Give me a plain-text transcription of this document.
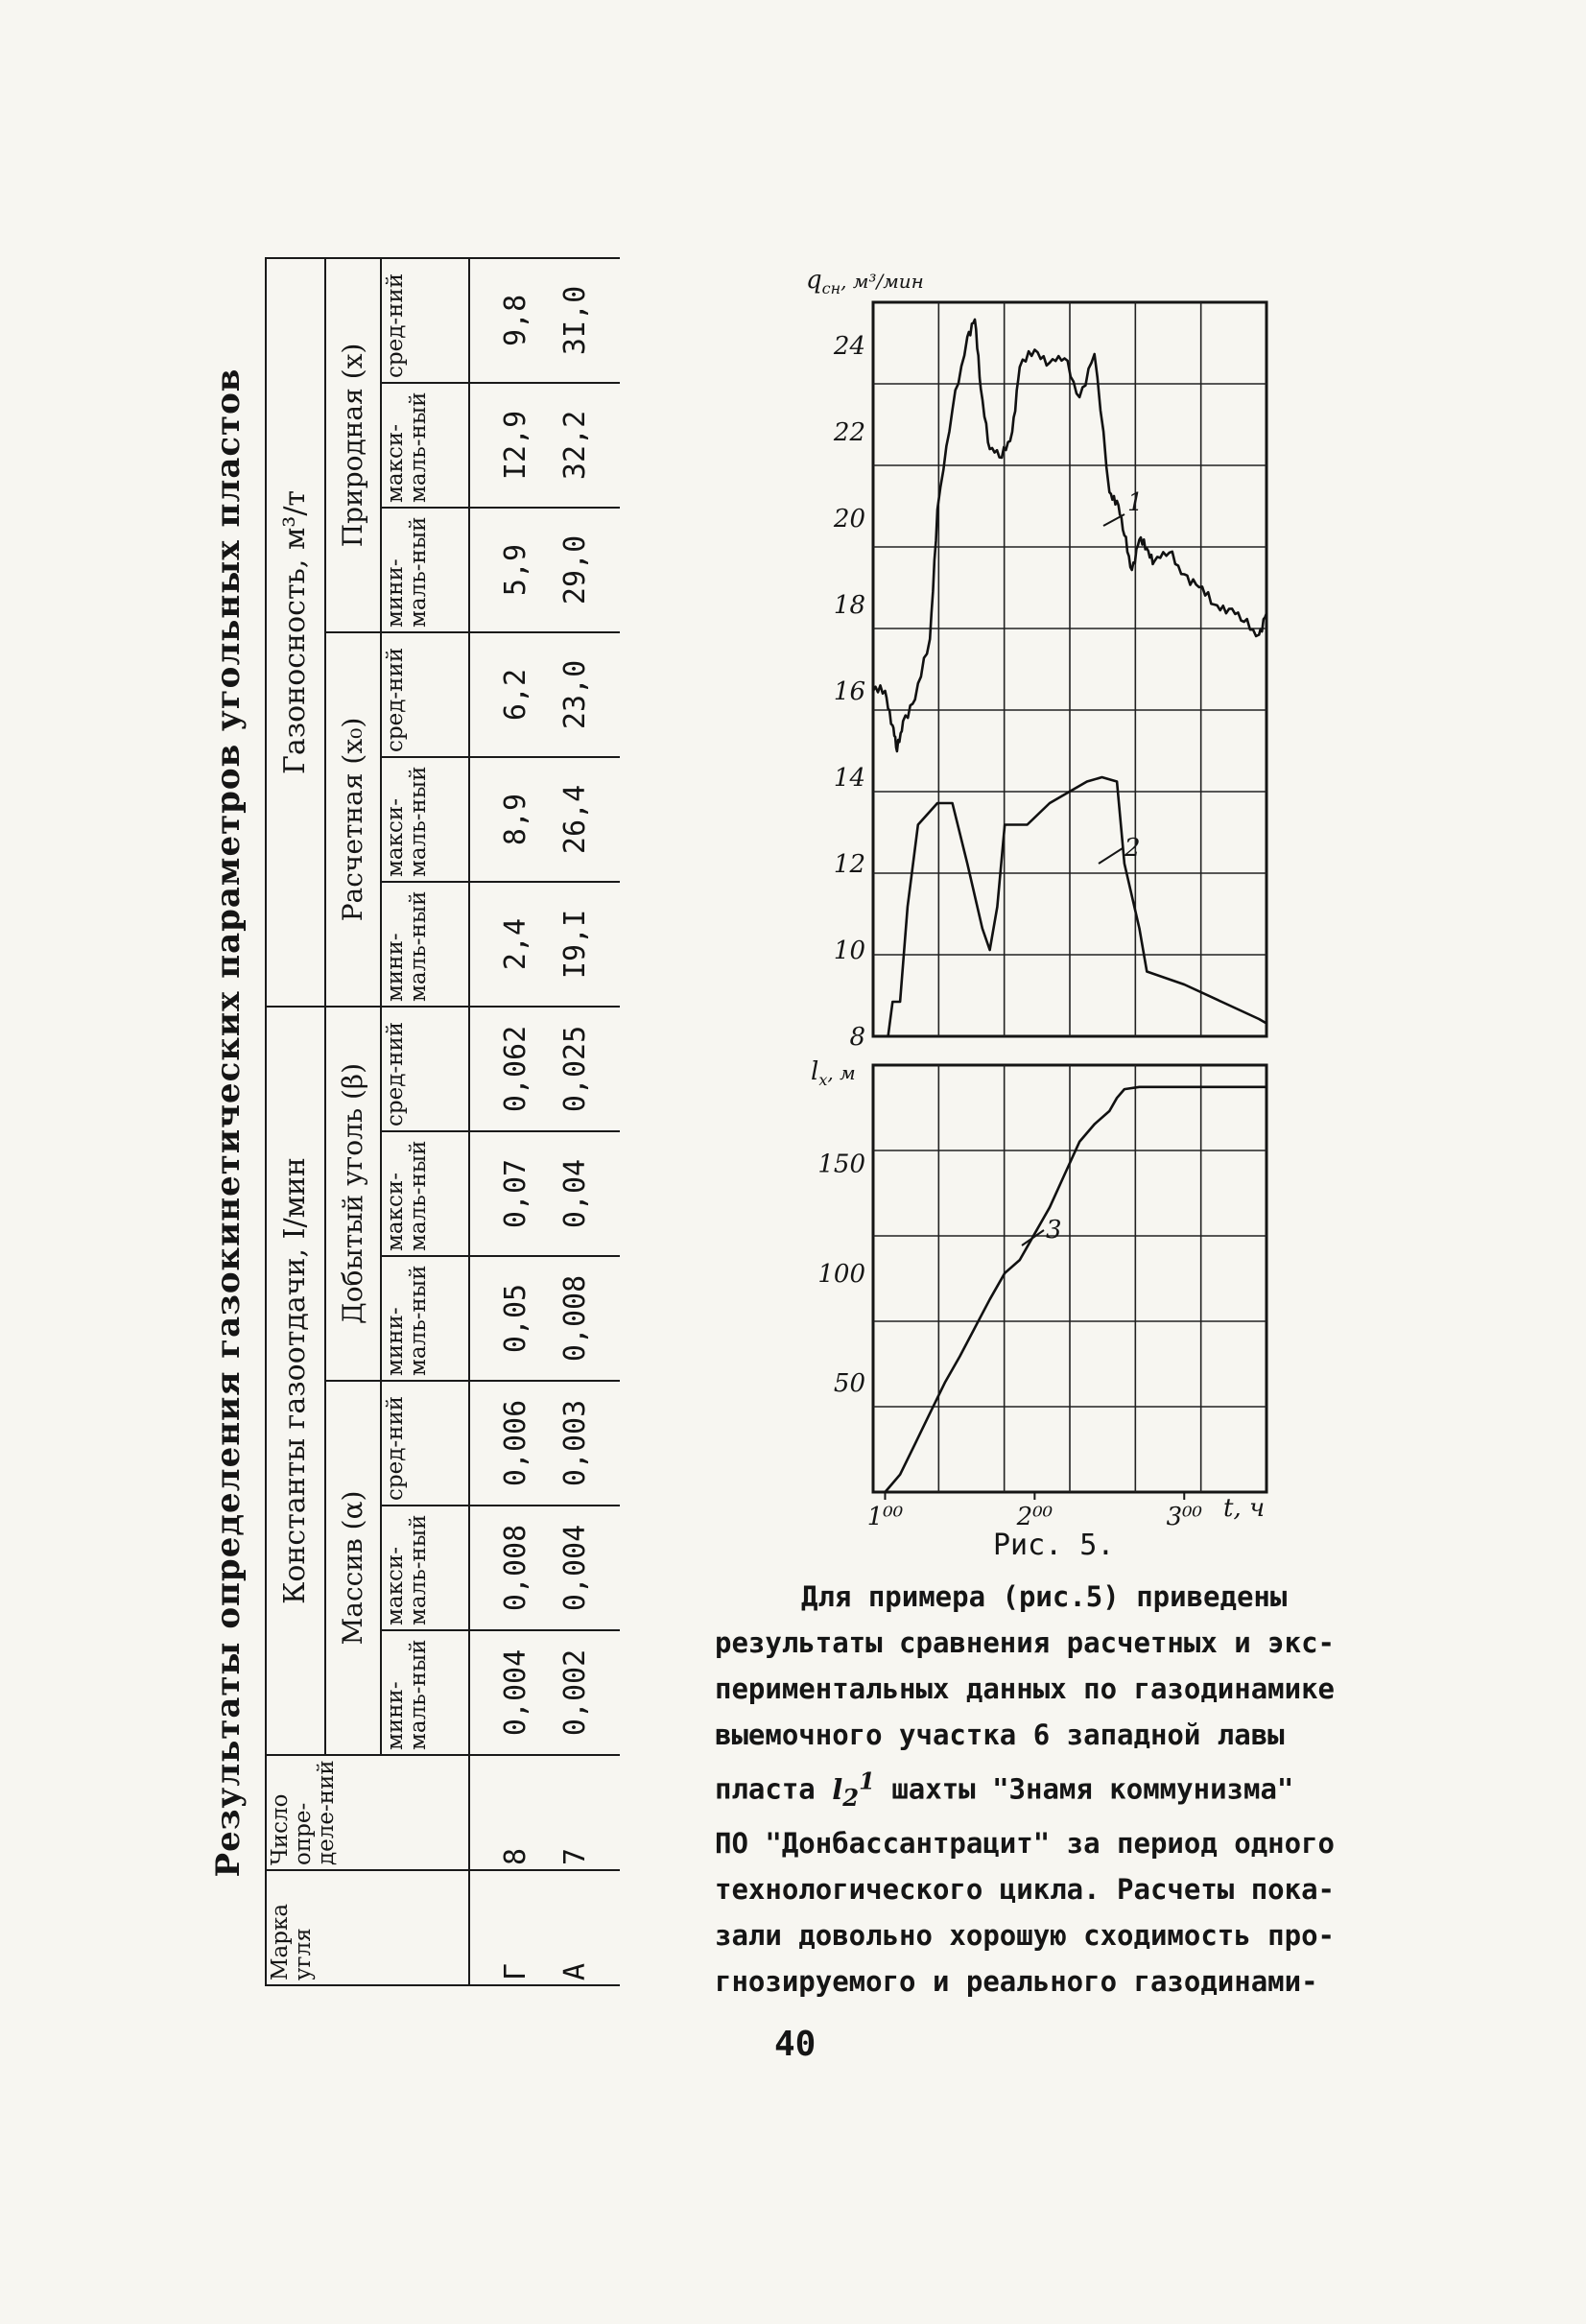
Результаты определения газокинетических параметров угольных пластов
Марка угля	Число опре-деле-ний	Константы газоотдачи, I/мин						Газоносность, м³/т					
		Массив (α)			Добытый уголь (β)			Расчетная (x₀)			Природная (x)		
		мини-маль-ный	макси-маль-ный	сред-ний	мини-маль-ный	макси-маль-ный	сред-ний	мини-маль-ный	макси-маль-ный	сред-ний	мини-маль-ный	макси-маль-ный	сред-ний
Г	8	0,004	0,008	0,006	0,05	0,07	0,062	2,4	8,9	6,2	5,9	I2,9	9,8
А	7	0,002	0,004	0,003	0,008	0,04	0,025	I9,I	26,4	23,0	29,0	32,2	3I,0
$q_{сн}^{, м^3/мин}$
8
10
12
14
16
18
20
22
24
$l_x^{, м}$
50
100
150
1⁰⁰	2⁰⁰	3⁰⁰ t, ч
1
2
3
Рис. 5.
Для примера (рис.5) приведены
результаты сравнения расчетных и экс-
периментальных данных по газодинамике
выемочного участка 6 западной лавы
пласта $l_2^1$ шахты "Знамя коммунизма"
ПО "Донбассантрацит" за период одного
технологического цикла. Расчеты пока-
зали довольно хорошую сходимость про-
гнозируемого и реального газодинами-
40
